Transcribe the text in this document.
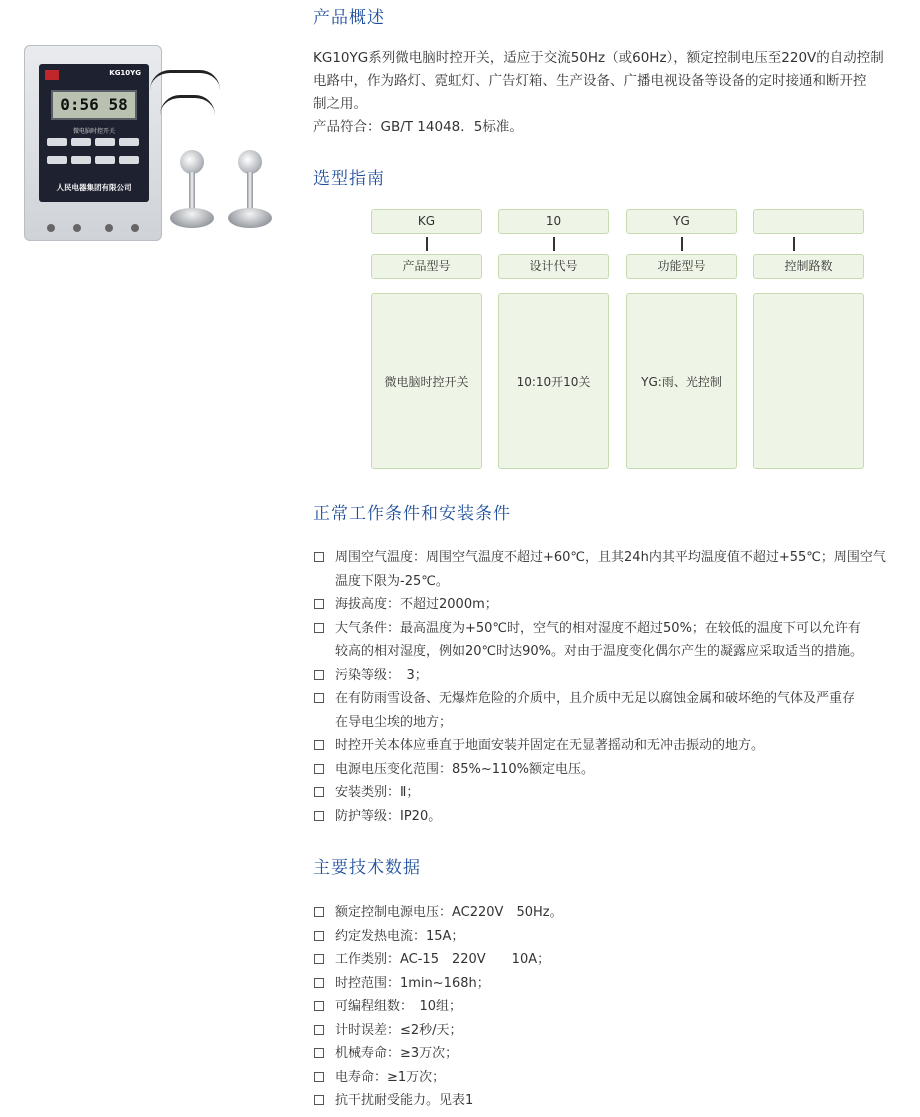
KG10YG
0:56 58
微电脑时控开关
人民电器集团有限公司
产品概述
KG10YG系列微电脑时控开关，适应于交流50Hz（或60Hz），额定控制电压至220V的自动控制
电路中，作为路灯、霓虹灯、广告灯箱、生产设备、广播电视设备等设备的定时接通和断开控
制之用。
产品符合：GB/T 14048．5标准。
选型指南
KG	10	YG
产品型号	设计代号	功能型号	控制路数
微电脑时控开关	10:10开10关	YG:雨、光控制
正常工作条件和安装条件
周围空气温度：周围空气温度不超过+60℃，且其24h内其平均温度值不超过+55℃；周围空气
温度下限为-25℃。
海拔高度：不超过2000m；
大气条件：最高温度为+50℃时，空气的相对湿度不超过50%；在较低的温度下可以允许有
较高的相对湿度，例如20℃时达90%。对由于温度变化偶尔产生的凝露应采取适当的措施。
污染等级：　3；
在有防雨雪设备、无爆炸危险的介质中，且介质中无足以腐蚀金属和破坏绝的气体及严重存
在导电尘埃的地方；
时控开关本体应垂直于地面安装并固定在无显著摇动和无冲击振动的地方。
电源电压变化范围：85%~110%额定电压。
安装类别：Ⅱ；
防护等级：IP20。
主要技术数据
额定控制电源电压：AC220V　50Hz。
约定发热电流：15A；
工作类别：AC-15　220V　　10A；
时控范围：1min~168h；
可编程组数：　10组；
计时误差：≤2秒/天；
机械寿命：≥3万次；
电寿命：≥1万次；
抗干扰耐受能力。见表1
